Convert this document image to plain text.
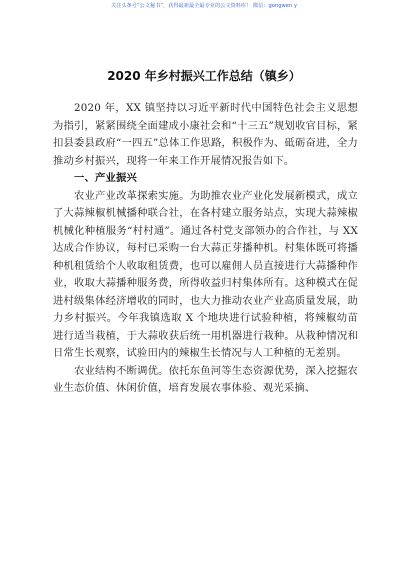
关注头条号“公文秘书”，获得最新最全最专业的公文资料库！ 微信：gongwen y
2020 年乡村振兴工作总结（镇乡）

2020 年，XX 镇坚持以习近平新时代中国特色社会主义思想为指引，紧紧围绕全面建成小康社会和“十三五”规划收官目标，紧扣县委县政府“一四五”总体工作思路，积极作为、砥砺奋进，全力推动乡村振兴，现将一年来工作开展情况报告如下。

一、产业振兴

农业产业改革探索实施。为助推农业产业化发展新模式，成立了大蒜辣椒机械播种联合社，在各村建立服务站点，实现大蒜辣椒机械化种植服务“村村通”。通过各村党支部领办的合作社，与 XX 达成合作协议，每村已采购一台大蒜正芽播种机。村集体既可将播种机租赁给个人收取租赁费，也可以雇佣人员直接进行大蒜播种作业，收取大蒜播种服务费，所得收益归村集体所有。这种模式在促进村级集体经济增收的同时，也大力推动农业产业高质量发展，助力乡村振兴。今年我镇选取 X 个地块进行试验种植，将辣椒幼苗进行适当栽植，于大蒜收获后统一用机器进行栽种。从栽种情况和日常生长观察，试验田内的辣椒生长情况与人工种植的无差别。

农业结构不断调优。依托东鱼河等生态资源优势，深入挖掘农业生态价值、休闲价值，培育发展农事体验、观光采摘、
